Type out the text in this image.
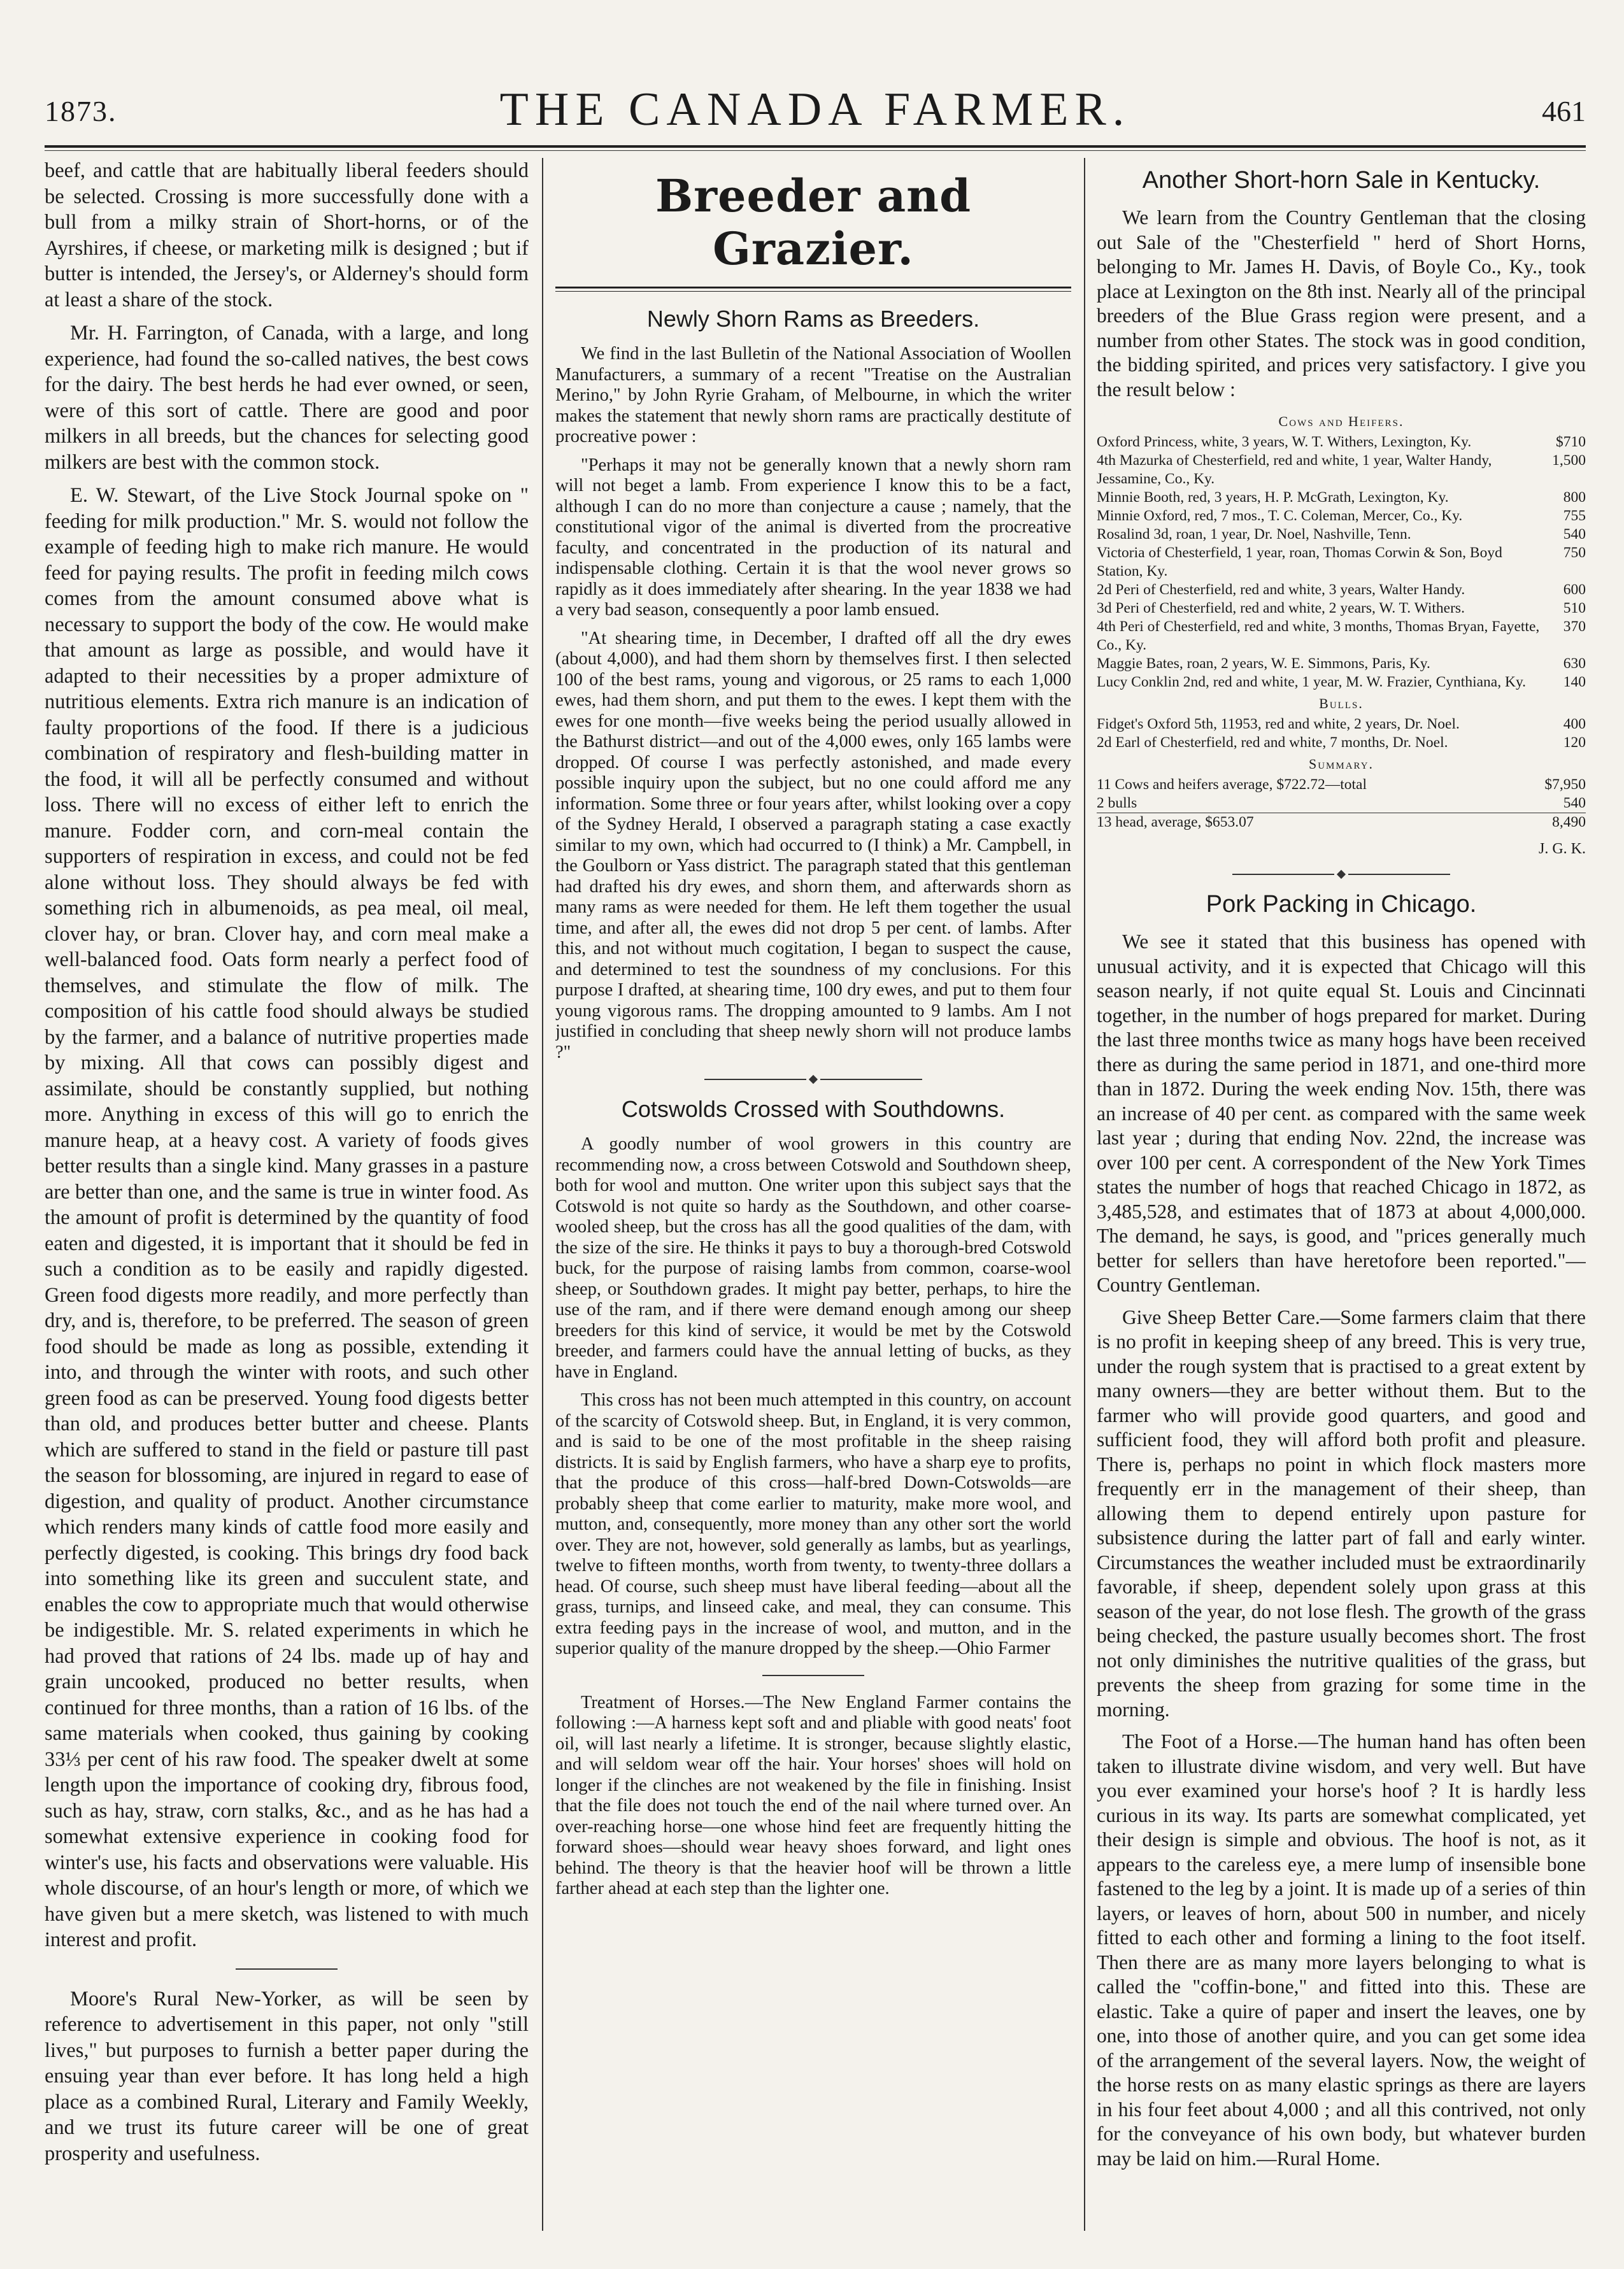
1873.	THE CANADA FARMER.	461

beef, and cattle that are habitually liberal feeders should be selected. Crossing is more successfully done with a bull from a milky strain of Short-horns, or of the Ayrshires, if cheese, or marketing milk is designed ; but if butter is intended, the Jersey's, or Alderney's should form at least a share of the stock.

Mr. H. Farrington, of Canada, with a large, and long experience, had found the so-called natives, the best cows for the dairy. The best herds he had ever owned, or seen, were of this sort of cattle. There are good and poor milkers in all breeds, but the chances for selecting good milkers are best with the common stock.

E. W. Stewart, of the Live Stock Journal spoke on " feeding for milk production." Mr. S. would not follow the example of feeding high to make rich manure. He would feed for paying results. The profit in feeding milch cows comes from the amount consumed above what is necessary to support the body of the cow. He would make that amount as large as possible, and would have it adapted to their necessities by a proper admixture of nutritious elements. Extra rich manure is an indication of faulty proportions of the food. If there is a judicious combination of respiratory and flesh-building matter in the food, it will all be perfectly consumed and without loss. There will no excess of either left to enrich the manure. Fodder corn, and corn-meal contain the supporters of respiration in excess, and could not be fed alone without loss. They should always be fed with something rich in albumenoids, as pea meal, oil meal, clover hay, or bran. Clover hay, and corn meal make a well-balanced food. Oats form nearly a perfect food of themselves, and stimulate the flow of milk. The composition of his cattle food should always be studied by the farmer, and a balance of nutritive properties made by mixing. All that cows can possibly digest and assimilate, should be constantly supplied, but nothing more. Anything in excess of this will go to enrich the manure heap, at a heavy cost. A variety of foods gives better results than a single kind. Many grasses in a pasture are better than one, and the same is true in winter food. As the amount of profit is determined by the quantity of food eaten and digested, it is important that it should be fed in such a condition as to be easily and rapidly digested. Green food digests more readily, and more perfectly than dry, and is, therefore, to be preferred. The season of green food should be made as long as possible, extending it into, and through the winter with roots, and such other green food as can be preserved. Young food digests better than old, and produces better butter and cheese. Plants which are suffered to stand in the field or pasture till past the season for blossoming, are injured in regard to ease of digestion, and quality of product. Another circumstance which renders many kinds of cattle food more easily and perfectly digested, is cooking. This brings dry food back into something like its green and succulent state, and enables the cow to appropriate much that would otherwise be indigestible. Mr. S. related experiments in which he had proved that rations of 24 lbs. made up of hay and grain uncooked, produced no better results, when continued for three months, than a ration of 16 lbs. of the same materials when cooked, thus gaining by cooking 33⅓ per cent of his raw food. The speaker dwelt at some length upon the importance of cooking dry, fibrous food, such as hay, straw, corn stalks, &c., and as he has had a somewhat extensive experience in cooking food for winter's use, his facts and observations were valuable. His whole discourse, of an hour's length or more, of which we have given but a mere sketch, was listened to with much interest and profit.

Moore's Rural New-Yorker, as will be seen by reference to advertisement in this paper, not only "still lives," but purposes to furnish a better paper during the ensuing year than ever before. It has long held a high place as a combined Rural, Literary and Family Weekly, and we trust its future career will be one of great prosperity and usefulness.

Breeder and Grazier.
Newly Shorn Rams as Breeders.

We find in the last Bulletin of the National Association of Woollen Manufacturers, a summary of a recent "Treatise on the Australian Merino," by John Ryrie Graham, of Melbourne, in which the writer makes the statement that newly shorn rams are practically destitute of procreative power :

"Perhaps it may not be generally known that a newly shorn ram will not beget a lamb. From experience I know this to be a fact, although I can do no more than conjecture a cause ; namely, that the constitutional vigor of the animal is diverted from the procreative faculty, and concentrated in the production of its natural and indispensable clothing. Certain it is that the wool never grows so rapidly as it does immediately after shearing. In the year 1838 we had a very bad season, consequently a poor lamb ensued.

"At shearing time, in December, I drafted off all the dry ewes (about 4,000), and had them shorn by themselves first. I then selected 100 of the best rams, young and vigorous, or 25 rams to each 1,000 ewes, had them shorn, and put them to the ewes. I kept them with the ewes for one month—five weeks being the period usually allowed in the Bathurst district—and out of the 4,000 ewes, only 165 lambs were dropped. Of course I was perfectly astonished, and made every possible inquiry upon the subject, but no one could afford me any information. Some three or four years after, whilst looking over a copy of the Sydney Herald, I observed a paragraph stating a case exactly similar to my own, which had occurred to (I think) a Mr. Campbell, in the Goulborn or Yass district. The paragraph stated that this gentleman had drafted his dry ewes, and shorn them, and afterwards shorn as many rams as were needed for them. He left them together the usual time, and after all, the ewes did not drop 5 per cent. of lambs. After this, and not without much cogitation, I began to suspect the cause, and determined to test the soundness of my conclusions. For this purpose I drafted, at shearing time, 100 dry ewes, and put to them four young vigorous rams. The dropping amounted to 9 lambs. Am I not justified in concluding that sheep newly shorn will not produce lambs ?"

Cotswolds Crossed with Southdowns.

A goodly number of wool growers in this country are recommending now, a cross between Cotswold and Southdown sheep, both for wool and mutton. One writer upon this subject says that the Cotswold is not quite so hardy as the Southdown, and other coarse-wooled sheep, but the cross has all the good qualities of the dam, with the size of the sire. He thinks it pays to buy a thorough-bred Cotswold buck, for the purpose of raising lambs from common, coarse-wool sheep, or Southdown grades. It might pay better, perhaps, to hire the use of the ram, and if there were demand enough among our sheep breeders for this kind of service, it would be met by the Cotswold breeder, and farmers could have the annual letting of bucks, as they have in England.

This cross has not been much attempted in this country, on account of the scarcity of Cotswold sheep. But, in England, it is very common, and is said to be one of the most profitable in the sheep raising districts. It is said by English farmers, who have a sharp eye to profits, that the produce of this cross—half-bred Down-Cotswolds—are probably sheep that come earlier to maturity, make more wool, and mutton, and, consequently, more money than any other sort the world over. They are not, however, sold generally as lambs, but as yearlings, twelve to fifteen months, worth from twenty, to twenty-three dollars a head. Of course, such sheep must have liberal feeding—about all the grass, turnips, and linseed cake, and meal, they can consume. This extra feeding pays in the increase of wool, and mutton, and in the superior quality of the manure dropped by the sheep.—Ohio Farmer

Treatment of Horses.—The New England Farmer contains the following :—A harness kept soft and and pliable with good neats' foot oil, will last nearly a lifetime. It is stronger, because slightly elastic, and will seldom wear off the hair. Your horses' shoes will hold on longer if the clinches are not weakened by the file in finishing. Insist that the file does not touch the end of the nail where turned over. An over-reaching horse—one whose hind feet are frequently hitting the forward shoes—should wear heavy shoes forward, and light ones behind. The theory is that the heavier hoof will be thrown a little farther ahead at each step than the lighter one.

Another Short-horn Sale in Kentucky.

We learn from the Country Gentleman that the closing out Sale of the "Chesterfield " herd of Short Horns, belonging to Mr. James H. Davis, of Boyle Co., Ky., took place at Lexington on the 8th inst. Nearly all of the principal breeders of the Blue Grass region were present, and a number from other States. The stock was in good condition, the bidding spirited, and prices very satisfactory. I give you the result below :

Cows and Heifers.	
Oxford Princess, white, 3 years, W. T. Withers, Lexington, Ky.	$710
4th Mazurka of Chesterfield, red and white, 1 year, Walter Handy, Jessamine, Co., Ky.	1,500
Minnie Booth, red, 3 years, H. P. McGrath, Lexington, Ky.	800
Minnie Oxford, red, 7 mos., T. C. Coleman, Mercer, Co., Ky.	755
Rosalind 3d, roan, 1 year, Dr. Noel, Nashville, Tenn.	540
Victoria of Chesterfield, 1 year, roan, Thomas Corwin & Son, Boyd Station, Ky.	750
2d Peri of Chesterfield, red and white, 3 years, Walter Handy.	600
3d Peri of Chesterfield, red and white, 2 years, W. T. Withers.	510
4th Peri of Chesterfield, red and white, 3 months, Thomas Bryan, Fayette, Co., Ky.	370
Maggie Bates, roan, 2 years, W. E. Simmons, Paris, Ky.	630
Lucy Conklin 2nd, red and white, 1 year, M. W. Frazier, Cynthiana, Ky.	140
Bulls.	
Fidget's Oxford 5th, 11953, red and white, 2 years, Dr. Noel.	400
2d Earl of Chesterfield, red and white, 7 months, Dr. Noel.	120
Summary.	
11 Cows and heifers average, $722.72—total	$7,950
2 bulls	540
13 head, average, $653.07	8,490
J. G. K.
Pork Packing in Chicago.

We see it stated that this business has opened with unusual activity, and it is expected that Chicago will this season nearly, if not quite equal St. Louis and Cincinnati together, in the number of hogs prepared for market. During the last three months twice as many hogs have been received there as during the same period in 1871, and one-third more than in 1872. During the week ending Nov. 15th, there was an increase of 40 per cent. as compared with the same week last year ; during that ending Nov. 22nd, the increase was over 100 per cent. A correspondent of the New York Times states the number of hogs that reached Chicago in 1872, as 3,485,528, and estimates that of 1873 at about 4,000,000. The demand, he says, is good, and "prices generally much better for sellers than have heretofore been reported."—Country Gentleman.

Give Sheep Better Care.—Some farmers claim that there is no profit in keeping sheep of any breed. This is very true, under the rough system that is practised to a great extent by many owners—they are better without them. But to the farmer who will provide good quarters, and good and sufficient food, they will afford both profit and pleasure. There is, perhaps no point in which flock masters more frequently err in the management of their sheep, than allowing them to depend entirely upon pasture for subsistence during the latter part of fall and early winter. Circumstances the weather included must be extraordinarily favorable, if sheep, dependent solely upon grass at this season of the year, do not lose flesh. The growth of the grass being checked, the pasture usually becomes short. The frost not only diminishes the nutritive qualities of the grass, but prevents the sheep from grazing for some time in the morning.

The Foot of a Horse.—The human hand has often been taken to illustrate divine wisdom, and very well. But have you ever examined your horse's hoof ? It is hardly less curious in its way. Its parts are somewhat complicated, yet their design is simple and obvious. The hoof is not, as it appears to the careless eye, a mere lump of insensible bone fastened to the leg by a joint. It is made up of a series of thin layers, or leaves of horn, about 500 in number, and nicely fitted to each other and forming a lining to the foot itself. Then there are as many more layers belonging to what is called the "coffin-bone," and fitted into this. These are elastic. Take a quire of paper and insert the leaves, one by one, into those of another quire, and you can get some idea of the arrangement of the several layers. Now, the weight of the horse rests on as many elastic springs as there are layers in his four feet about 4,000 ; and all this contrived, not only for the conveyance of his own body, but whatever burden may be laid on him.—Rural Home.
